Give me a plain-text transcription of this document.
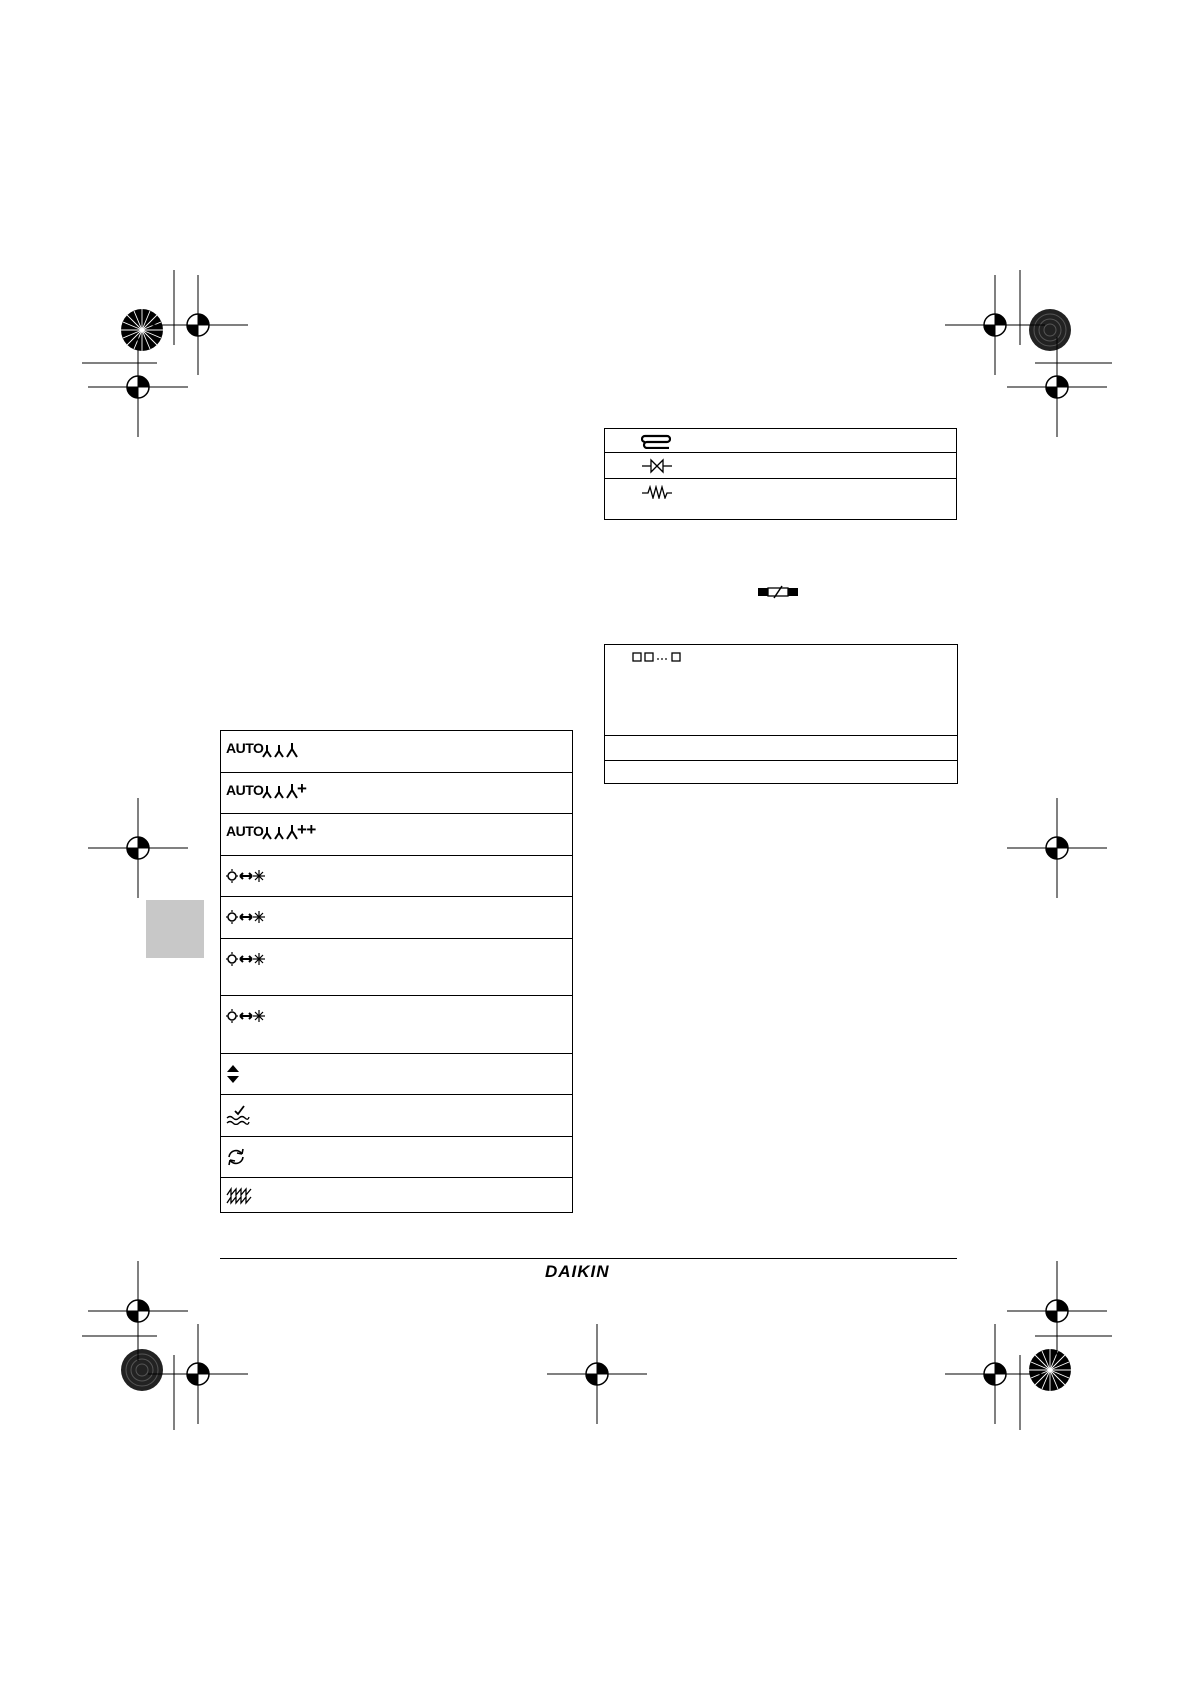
AUTO
AUTO +
AUTO ++
DAIKIN
